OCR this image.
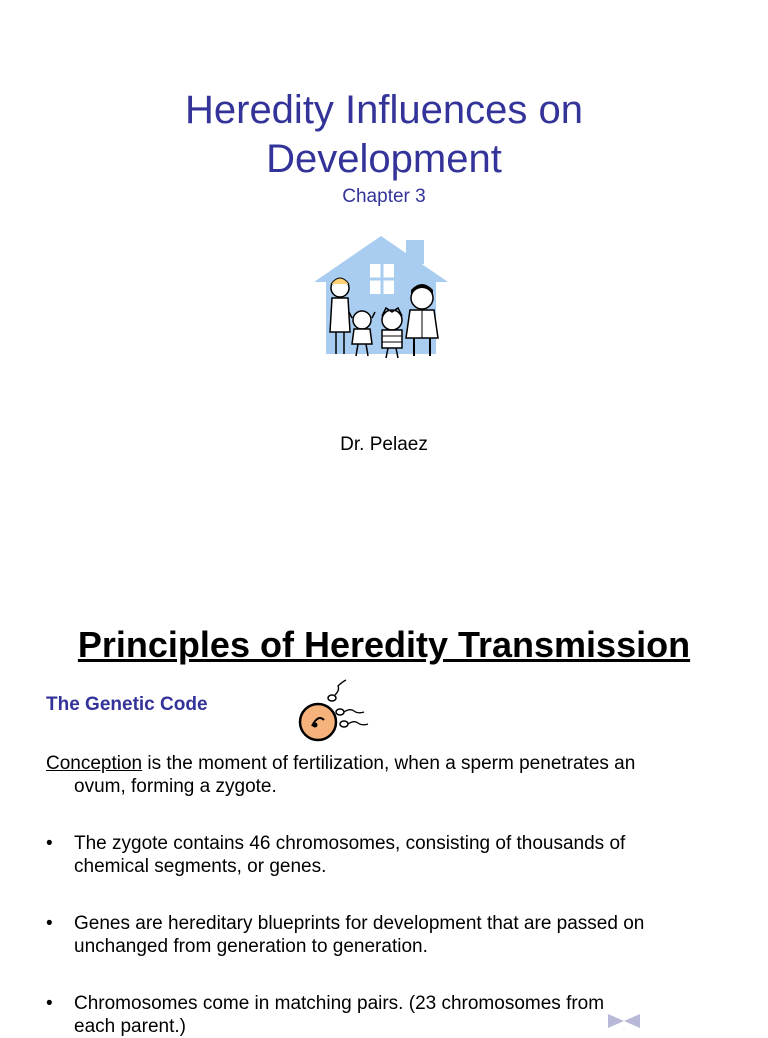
Heredity Influences on
Development
Chapter 3
Dr. Pelaez
Principles of Heredity Transmission
The Genetic Code
Conception is the moment of fertilization, when a sperm penetrates an
ovum, forming a zygote.
•	The zygote contains 46 chromosomes, consisting of thousands of
chemical segments, or genes.
•	Genes are hereditary blueprints for development that are passed on
unchanged from generation to generation.
•	Chromosomes come in matching pairs. (23 chromosomes from
each parent.)
